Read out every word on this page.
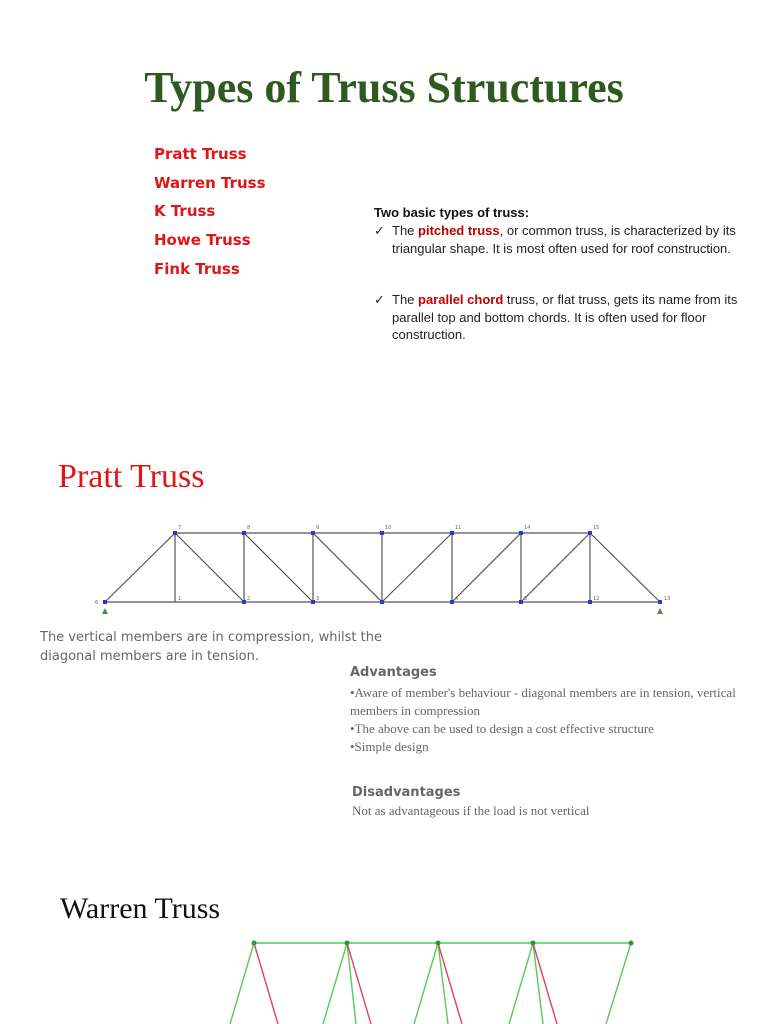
Types of Truss Structures
Pratt Truss
Warren Truss
K Truss
Howe Truss
Fink Truss
Two basic types of truss:
✓ The pitched truss, or common truss, is characterized by its triangular shape. It is most often used for roof construction.
✓ The parallel chord truss, or flat truss, gets its name from its parallel top and bottom chords. It is often used for floor construction.
Pratt Truss
7	8	9	10	11	14	15
1	2	3	4	5
6
12	13
The vertical members are in compression, whilst the diagonal members are in tension.
Advantages
•Aware of member's behaviour - diagonal members are in tension, vertical members in compression
•The above can be used to design a cost effective structure
•Simple design
Disadvantages
Not as advantageous if the load is not vertical
Warren Truss
